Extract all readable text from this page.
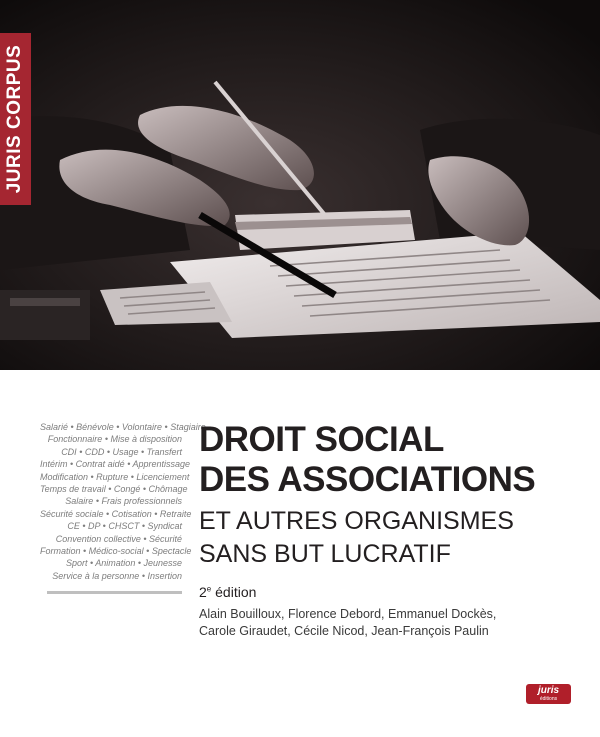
JURIS CORPUS
Salarié • Bénévole • Volontaire • Stagiaire
Fonctionnaire • Mise à disposition
CDI • CDD • Usage • Transfert
Intérim • Contrat aidé • Apprentissage
Modification • Rupture • Licenciement
Temps de travail • Congé • Chômage
Salaire • Frais professionnels
Sécurité sociale • Cotisation • Retraite
CE • DP • CHSCT • Syndicat
Convention collective • Sécurité
Formation • Médico-social • Spectacle
Sport • Animation • Jeunesse
Service à la personne • Insertion
DROIT SOCIAL
DES ASSOCIATIONS
ET AUTRES ORGANISMES
SANS BUT LUCRATIF
2e édition
Alain Bouilloux, Florence Debord, Emmanuel Dockès,
Carole Giraudet, Cécile Nicod, Jean-François Paulin
juris
éditions
